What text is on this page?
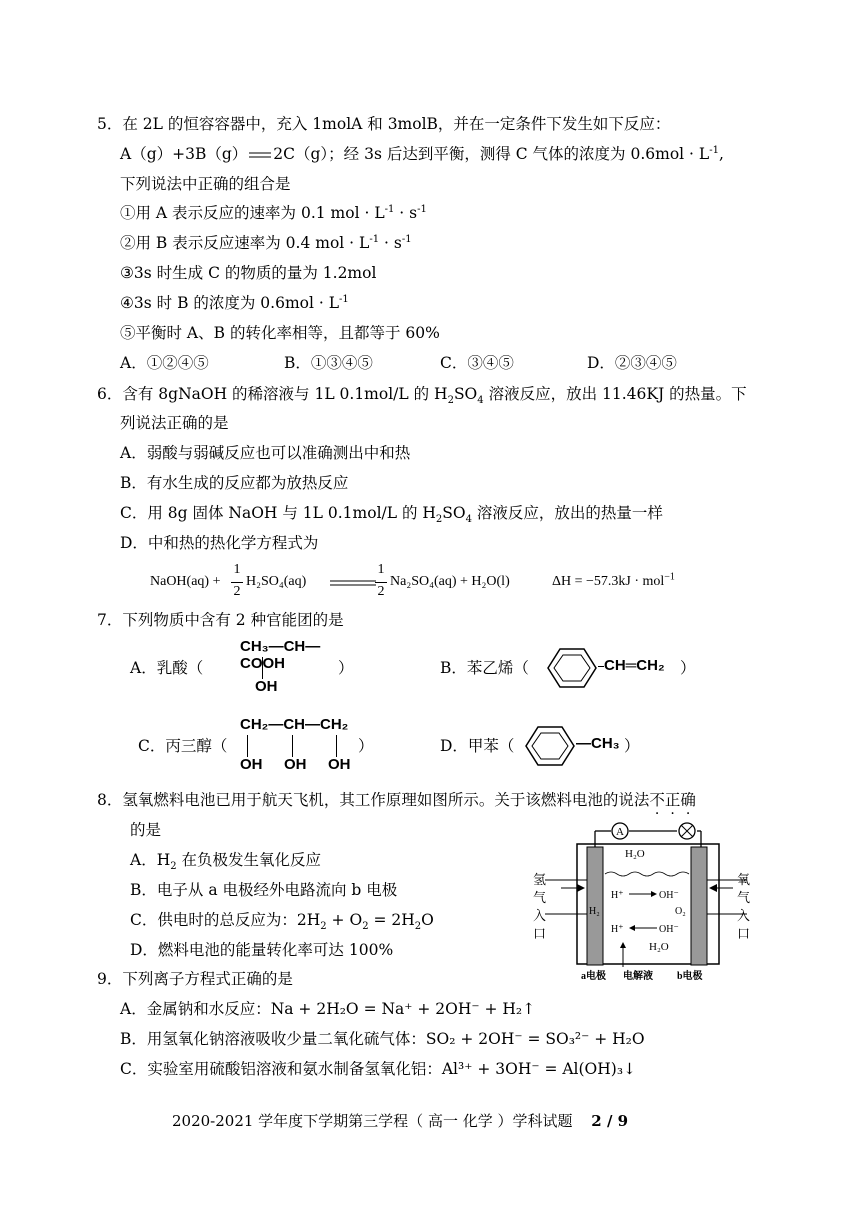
5．在 2L 的恒容容器中，充入 1molA 和 3molB，并在一定条件下发生如下反应：
A（g）+3B（g） 2C（g）；经 3s 后达到平衡，测得 C 气体的浓度为 $0.6mol \cdot L^{-1}$,
下列说法中正确的组合是
①用 A 表示反应的速率为 0.1 mol · $L^{-1} \cdot s^{-1}$
②用 B 表示反应速率为 0.4 mol · $L^{-1} \cdot s^{-1}$
③3s 时生成 C 的物质的量为 1.2mol
④3s 时 B 的浓度为 $0.6mol \cdot L^{-1}$
⑤平衡时 A、B 的转化率相等，且都等于 60%
A．①②④⑤	B．①③④⑤	C．③④⑤	D．②③④⑤
6．含有 8gNaOH 的稀溶液与 1L 0.1mol/L 的 $H_2SO_4$ 溶液反应，放出 11.46KJ 的热量。下
列说法正确的是
A．弱酸与弱碱反应也可以准确测出中和热
B．有水生成的反应都为放热反应
C．用 8g 固体 NaOH 与 1L 0.1mol/L 的 $H_2SO_4$ 溶液反应，放出的热量一样
D．中和热的热化学方程式为
NaOH(aq) +
1
2
H₂SO₄(aq)
1
2
Na₂SO₄(aq) + H₂O(l)	ΔH = −57.3kJ · mol$^{-1}$
7．下列物质中含有 2 种官能团的是
A．乳酸（
CH₃—CH—COOH
OH
）	B．苯乙烯（	CH═CH₂ ）
C．丙三醇（
CH₂—CH—CH₂
OH OH OH
）	D．甲苯（	—CH₃ ）
8．氢氧燃料电池已用于航天飞机，其工作原理如图所示。关于该燃料电池的说法不正确
的是
A．$H_2$ 在负极发生氧化反应
B．电子从 a 电极经外电路流向 b 电极
C．供电时的总反应为：$2H_2 + O_2 = 2H_2O$
D．燃料电池的能量转化率可达 100%
A
H₂O
H⁺	OH⁻
H⁺	OH⁻
H₂	O₂
H₂O
氢
气
入
口
氧
气
入
口
a电极 电解液 b电极
9．下列离子方程式正确的是
A．金属钠和水反应：Na + 2H₂O = Na⁺ + 2OH⁻ + H₂↑
B．用氢氧化钠溶液吸收少量二氧化硫气体：SO₂ + 2OH⁻ = SO₃²⁻ + H₂O
C．实验室用硫酸铝溶液和氨水制备氢氧化铝：Al³⁺ + 3OH⁻ = Al(OH)₃↓
2020-2021 学年度下学期第三学程（ 高一 化学 ）学科试题 2 / 9
